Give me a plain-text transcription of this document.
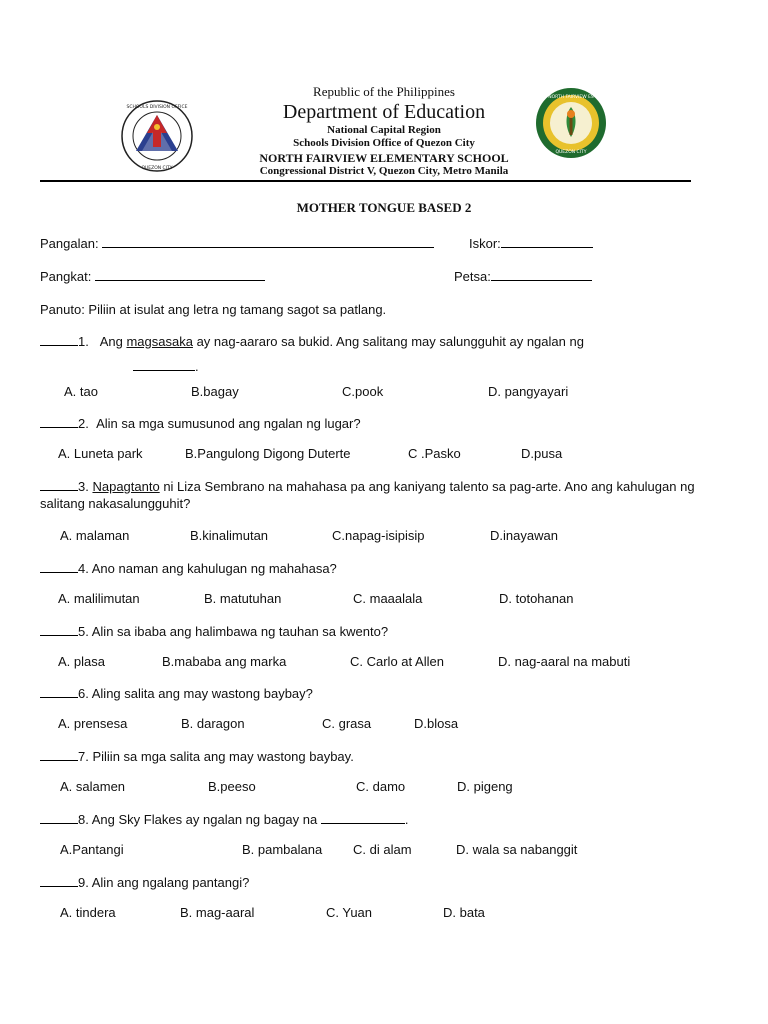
SCHOOLS DIVISION OFFICE
QUEZON CITY
NORTH FAIRVIEW ES
QUEZON CITY
Republic of the Philippines
Department of Education
National Capital Region
Schools Division Office of Quezon City
NORTH FAIRVIEW ELEMENTARY SCHOOL
Congressional District V, Quezon City, Metro Manila
MOTHER TONGUE BASED 2
Pangalan:	Iskor:
Pangkat:	Petsa:
Panuto: Piliin at isulat ang letra ng tamang sagot sa patlang.
1. Ang magsasaka ay nag-aararo sa bukid. Ang salitang may salungguhit ay ngalan ng
.
A. tao	B.bagay	C.pook	D. pangyayari
2. Alin sa mga sumusunod ang ngalan ng lugar?
A. Luneta park	B.Pangulong Digong Duterte	C .Pasko	D.pusa
3. Napagtanto ni Liza Sembrano na mahahasa pa ang kaniyang talento sa pag-arte. Ano ang kahulugan ng
salitang nakasalungguhit?
A. malaman	B.kinalimutan	C.napag-isipisip	D.inayawan
4. Ano naman ang kahulugan ng mahahasa?
A. malilimutan	B. matutuhan	C. maaalala	D. totohanan
5. Alin sa ibaba ang halimbawa ng tauhan sa kwento?
A. plasa	B.mababa ang marka	C. Carlo at Allen	D. nag-aaral na mabuti
6. Aling salita ang may wastong baybay?
A. prensesa	B. daragon	C. grasa	D.blosa
7. Piliin sa mga salita ang may wastong baybay.
A. salamen	B.peeso	C. damo	D. pigeng
8. Ang Sky Flakes ay ngalan ng bagay na	.
A.Pantangi	B. pambalana C. di alam	D. wala sa nabanggit
9. Alin ang ngalang pantangi?
A. tindera	B. mag-aaral	C. Yuan	D. bata
